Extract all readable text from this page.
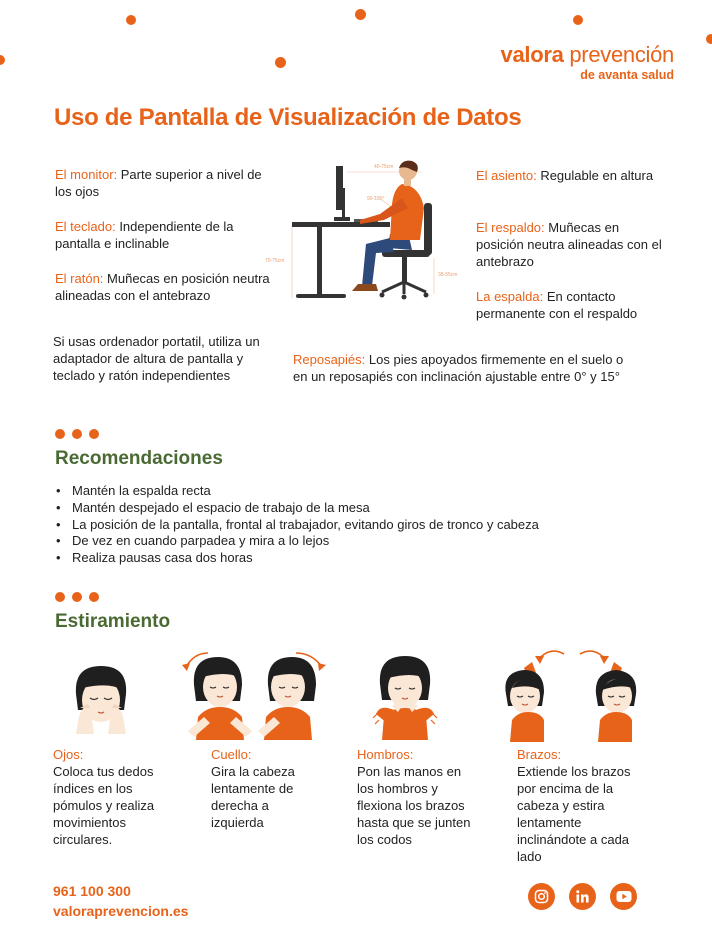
valora prevención
de avanta salud
Uso de Pantalla de Visualización de Datos
El monitor: Parte superior a nivel de los ojos
El teclado: Independiente de la pantalla e inclinable
El ratón: Muñecas en posición neutra alineadas con el antebrazo
Si usas ordenador portatil, utiliza un adaptador de altura de pantalla y teclado y ratón independientes
El asiento: Regulable en altura
El respaldo: Muñecas en posición neutra alineadas con el antebrazo
La espalda: En contacto permanente con el respaldo
Reposapiés: Los pies apoyados firmemente en el suelo o en un reposapiés con inclinación ajustable entre 0° y 15°
40-75cm
90-120°
70-75cm
38-55cm
Recomendaciones
• Mantén la espalda recta
• Mantén despejado el espacio de trabajo de la mesa
• La posición de la pantalla, frontal al trabajador, evitando giros de tronco y cabeza
• De vez en cuando parpadea y mira a lo lejos
• Realiza pausas casa dos horas
Estiramiento
Ojos:
Coloca tus dedos índices en los pómulos y realiza movimientos circulares.
Cuello:
Gira la cabeza lentamente de derecha a izquierda
Hombros:
Pon las manos en los hombros y flexiona los brazos hasta que se junten los codos
Brazos:
Extiende los brazos por encima de la cabeza y estira lentamente inclinándote a cada lado
961 100 300
valoraprevencion.es
